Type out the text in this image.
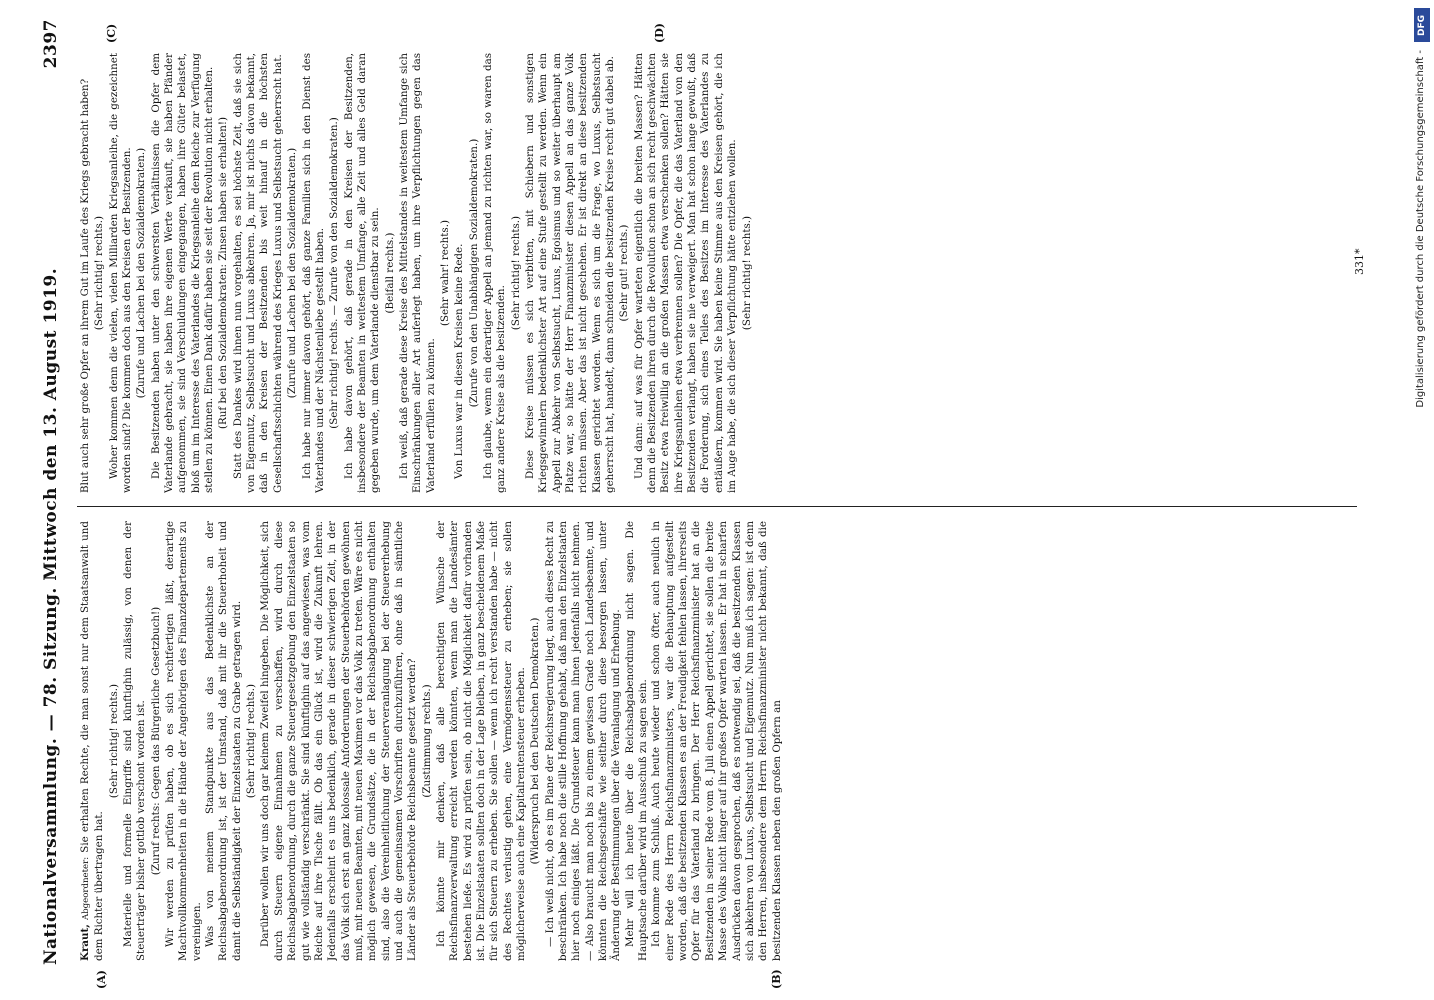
Nationalversammlung. — 78. Sitzung. Mittwoch den 13. August 1919.
2397
(A)	(B)
(C)	(D)

Kraut, Abgeordneter: Sie erhalten Rechte, die man sonst nur dem Staatsanwalt und dem Richter übertragen hat.

(Sehr richtig! rechts.) Materielle und formelle Eingriffe sind künftighin zulässig, von denen der Steuerträger bisher gottlob verschont worden ist. (Zuruf rechts: Gegen das Bürgerliche Gesetzbuch!) Wir werden zu prüfen haben, ob es sich rechtfertigen läßt, derartige Machtvollkommenheiten in die Hände der Angehörigen des Finanzdepartements zu vereinigen. Was von meinem Standpunkte aus das Bedenklichste an der Reichsabgabenordnung ist, ist der Umstand, daß mit ihr die Steuerhoheit und damit die Selbständigkeit der Einzelstaaten zu Grabe getragen wird. (Sehr richtig! rechts.) Darüber wollen wir uns doch gar keinem Zweifel hingeben. Die Möglichkeit, sich durch Steuern eigene Einnahmen zu verschaffen, wird durch diese Reichsabgabenordnung, durch die ganze Steuergesetzgebung den Einzelstaaten so gut wie vollständig verschränkt. Sie sind künftighin auf das angewiesen, was vom Reiche auf ihre Tische fällt. Ob das ein Glück ist, wird die Zukunft lehren. Jedenfalls erscheint es uns bedenklich, gerade in dieser schwierigen Zeit, in der das Volk sich erst an ganz kolossale Anforderungen der Steuerbehörden gewöhnen muß, mit neuen Beamten, mit neuen Maximen vor das Volk zu treten. Wäre es nicht möglich gewesen, die Grundsätze, die in der Reichsabgabenordnung enthalten sind, also die Vereinheitlichung der Steuerveranlagung bei der Steuererhebung und auch die gemeinsamen Vorschriften durchzuführen, ohne daß in sämtliche Länder als Steuerbehörde Reichsbeamte gesetzt werden? (Zustimmung rechts.) Ich könnte mir denken, daß alle berechtigten Wünsche der Reichsfinanzverwaltung erreicht werden könnten, wenn man die Landesämter bestehen ließe. Es wird zu prüfen sein, ob nicht die Möglichkeit dafür vorhanden ist. Die Einzelstaaten sollten doch in der Lage bleiben, in ganz bescheidenem Maße für sich Steuern zu erheben. Sie sollen — wenn ich recht verstanden habe — nicht des Rechtes verlustig gehen, eine Vermögenssteuer zu erheben; sie sollen möglicherweise auch eine Kapitalrentensteuer erheben. (Widerspruch bei den Deutschen Demokraten.) — Ich weiß nicht, ob es im Plane der Reichsregierung liegt, auch dieses Recht zu beschränken. Ich habe noch die stille Hoffnung gehabt, daß man den Einzelstaaten hier noch einiges läßt. Die Grundsteuer kann man ihnen jedenfalls nicht nehmen. — Also braucht man noch bis zu einem gewissen Grade noch Landesbeamte, und könnten die Reichsgeschäfte wie seither durch diese besorgen lassen, unter Änderung der Bestimmungen über die Veranlagung und Erhebung. Mehr will ich heute über die Reichsabgabenordnung nicht sagen. Die Hauptsache darüber wird im Ausschuß zu sagen sein. Ich komme zum Schluß. Auch heute wieder und schon öfter, auch neulich in einer Rede des Herrn Reichsfinanzministers, war die Behauptung aufgestellt worden, daß die besitzenden Klassen es an der Freudigkeit fehlen lassen, ihrerseits Opfer für das Vaterland zu bringen. Der Herr Reichsfinanzminister hat an die Besitzenden in seiner Rede vom 8. Juli einen Appell gerichtet, sie sollen die breite Masse des Volks nicht länger auf ihr großes Opfer warten lassen. Er hat in scharfen Ausdrücken davon gesprochen, daß es notwendig sei, daß die besitzenden Klassen sich abkehren von Luxus, Selbstsucht und Eigennutz. Nun muß ich sagen: ist denn den Herren, insbesondere dem Herrn Reichsfinanzminister nicht bekannt, daß die besitzenden Klassen neben den großen Opfern an

Blut auch sehr große Opfer an ihrem Gut im Laufe des Kriegs gebracht haben? (Sehr richtig! rechts.) Woher kommen denn die vielen, vielen Milliarden Kriegsanleihe, die gezeichnet worden sind? Die kommen doch aus den Kreisen der Besitzenden. (Zurufe und Lachen bei den Sozialdemokraten.) Die Besitzenden haben unter den schwersten Verhältnissen die Opfer dem Vaterlande gebracht, sie haben ihre eigenen Werte verkauft, sie haben Pfänder aufgenommen, sie sind Verschuldungen eingegangen, haben ihre Güter belastet, bloß um im Interesse des Vaterlandes die Kriegsanleihe dem Reiche zur Verfügung stellen zu können. Einen Dank dafür haben sie seit der Revolution nicht erhalten. (Ruf bei den Sozialdemokraten: Zinsen haben sie erhalten!) Statt des Dankes wird ihnen nun vorgehalten, es sei höchste Zeit, daß sie sich von Eigennutz, Selbstsucht und Luxus abkehren. Ja, mir ist nichts davon bekannt, daß in den Kreisen der Besitzenden bis weit hinauf in die höchsten Gesellschaftsschichten während des Krieges Luxus und Selbstsucht geherrscht hat. (Zurufe und Lachen bei den Sozialdemokraten.) Ich habe nur immer davon gehört, daß ganze Familien sich in den Dienst des Vaterlandes und der Nächstenliebe gestellt haben. (Sehr richtig! rechts. — Zurufe von den Sozialdemokraten.) Ich habe davon gehört, daß gerade in den Kreisen der Besitzenden, insbesondere der Beamten in weitestem Umfange, alle Zeit und alles Geld daran gegeben wurde, um dem Vaterlande dienstbar zu sein. (Beifall rechts.) Ich weiß, daß gerade diese Kreise des Mittelstandes in weitestem Umfange sich Einschränkungen aller Art auferlegt haben, um ihre Verpflichtungen gegen das Vaterland erfüllen zu können.

(Sehr wahr! rechts.) Von Luxus war in diesen Kreisen keine Rede. (Zurufe von den Unabhängigen Sozialdemokraten.) Ich glaube, wenn ein derartiger Appell an jemand zu richten war, so waren das ganz andere Kreise als die besitzenden.

(Sehr richtig! rechts.) Diese Kreise müssen es sich verbitten, mit Schiebern und sonstigen Kriegsgewinnlern bedenklichster Art auf eine Stufe gestellt zu werden. Wenn ein Appell zur Abkehr von Selbstsucht, Luxus, Egoismus und so weiter überhaupt am Platze war, so hätte der Herr Finanzminister diesen Appell an das ganze Volk richten müssen. Aber das ist nicht geschehen. Er ist direkt an diese besitzenden Klassen gerichtet worden. Wenn es sich um die Frage, wo Luxus, Selbstsucht geherrscht hat, handelt, dann schneiden die besitzenden Kreise recht gut dabei ab. (Sehr gut! rechts.) Und dann: auf was für Opfer warteten eigentlich die breiten Massen? Hätten denn die Besitzenden ihren durch die Revolution schon an sich recht geschwächten Besitz etwa freiwillig an die großen Massen etwa verschenken sollen? Hätten sie ihre Kriegsanleihen etwa verbrennen sollen? Die Opfer, die das Vaterland von den Besitzenden verlangt, haben sie nie verweigert. Man hat schon lange gewußt, daß die Forderung, sich eines Teiles des Besitzes im Interesse des Vaterlandes zu entäußern, kommen wird. Sie haben keine Stimme aus den Kreisen gehört, die ich im Auge habe, die sich dieser Verpflichtung hätte entziehen wollen. (Sehr richtig! rechts.)	331*
DFG
Digitalisierung gefördert durch die Deutsche Forschungsgemeinschaft -
